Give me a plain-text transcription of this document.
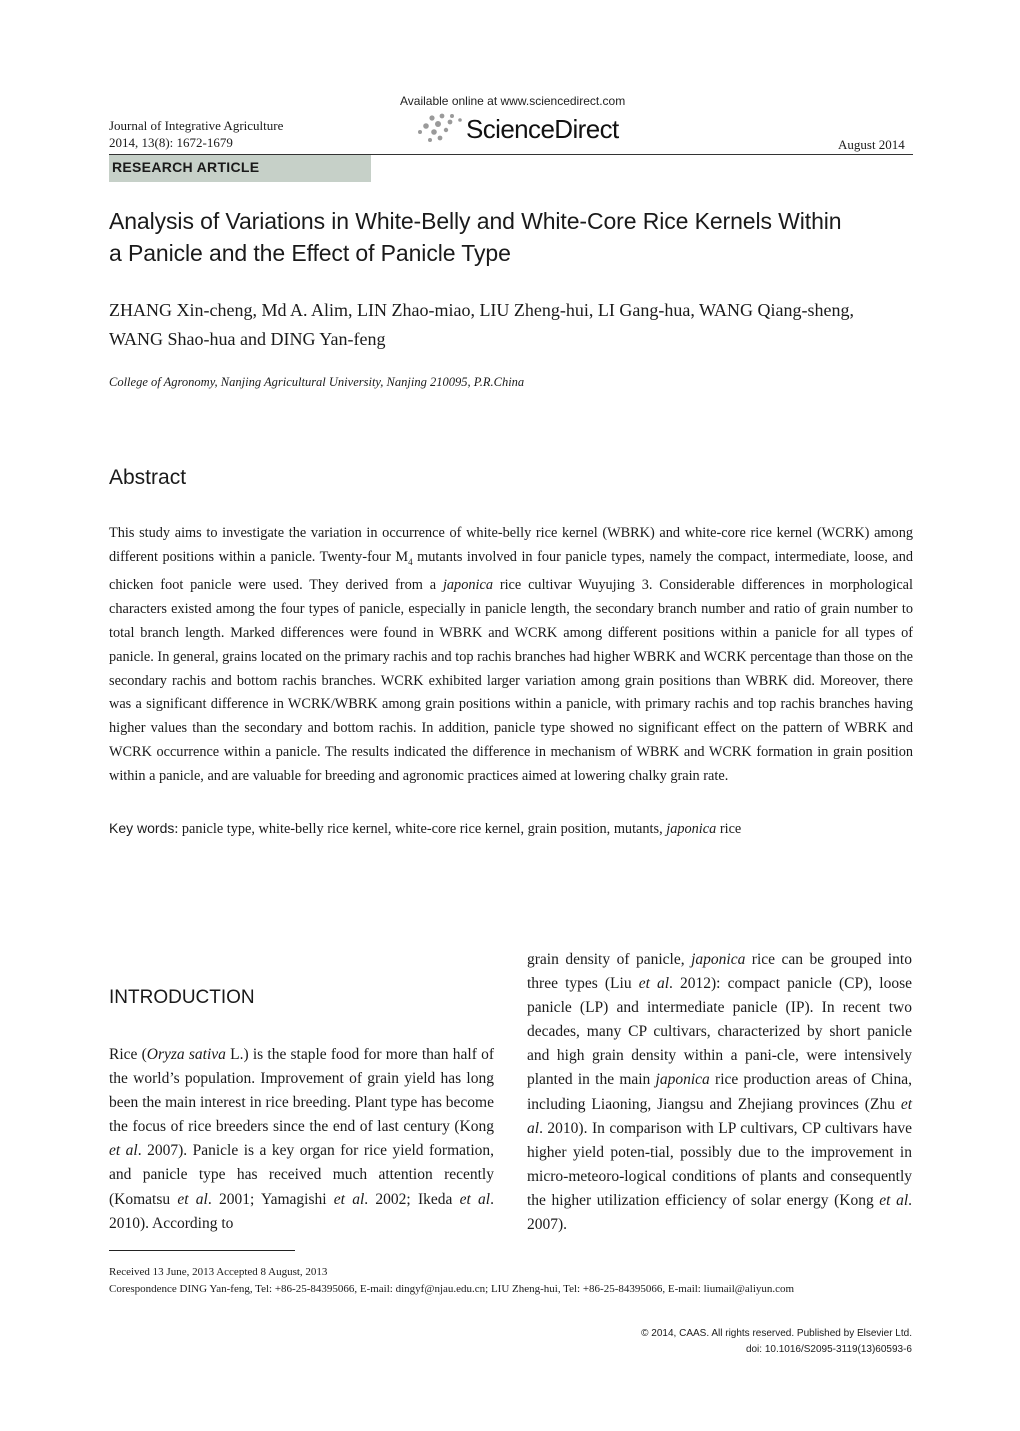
Available online at www.sciencedirect.com
ScienceDirect
Journal of Integrative Agriculture
2014, 13(8): 1672-1679	August 2014
RESEARCH ARTICLE
Analysis of Variations in White-Belly and White-Core Rice Kernels Within
a Panicle and the Effect of Panicle Type
ZHANG Xin-cheng, Md A. Alim, LIN Zhao-miao, LIU Zheng-hui, LI Gang-hua, WANG Qiang-sheng,
WANG Shao-hua and DING Yan-feng
College of Agronomy, Nanjing Agricultural University, Nanjing 210095, P.R.China
Abstract

This study aims to investigate the variation in occurrence of white-belly rice kernel (WBRK) and white-core rice kernel (WCRK) among different positions within a panicle. Twenty-four $M_4$ mutants involved in four panicle types, namely the compact, intermediate, loose, and chicken foot panicle were used. They derived from a japonica rice cultivar Wuyujing 3. Considerable differences in morphological characters existed among the four types of panicle, especially in panicle length, the secondary branch number and ratio of grain number to total branch length. Marked differences were found in WBRK and WCRK among different positions within a panicle for all types of panicle. In general, grains located on the primary rachis and top rachis branches had higher WBRK and WCRK percentage than those on the secondary rachis and bottom rachis branches. WCRK exhibited larger variation among grain positions than WBRK did. Moreover, there was a significant difference in WCRK/WBRK among grain positions within a panicle, with primary rachis and top rachis branches having higher values than the secondary and bottom rachis. In addition, panicle type showed no significant effect on the pattern of WBRK and WCRK occurrence within a panicle. The results indicated the difference in mechanism of WBRK and WCRK formation in grain position within a panicle, and are valuable for breeding and agronomic practices aimed at lowering chalky grain rate.

Key words: panicle type, white-belly rice kernel, white-core rice kernel, grain position, mutants, japonica rice
INTRODUCTION

Rice (Oryza sativa L.) is the staple food for more than half of the world’s population. Improvement of grain yield has long been the main interest in rice breeding. Plant type has become the focus of rice breeders since the end of last century (Kong et al. 2007). Panicle is a key organ for rice yield formation, and panicle type has received much attention recently (Komatsu et al. 2001; Yamagishi et al. 2002; Ikeda et al. 2010). According to

grain density of panicle, japonica rice can be grouped into three types (Liu et al. 2012): compact panicle (CP), loose panicle (LP) and intermediate panicle (IP). In recent two decades, many CP cultivars, characterized by short panicle and high grain density within a pani-cle, were intensively planted in the main japonica rice production areas of China, including Liaoning, Jiangsu and Zhejiang provinces (Zhu et al. 2010). In comparison with LP cultivars, CP cultivars have higher yield poten-tial, possibly due to the improvement in micro-meteoro-logical conditions of plants and consequently the higher utilization efficiency of solar energy (Kong et al. 2007).

Received 13 June, 2013 Accepted 8 August, 2013
Corespondence DING Yan-feng, Tel: +86-25-84395066, E-mail: dingyf@njau.edu.cn; LIU Zheng-hui, Tel: +86-25-84395066, E-mail: liumail@aliyun.com
© 2014, CAAS. All rights reserved. Published by Elsevier Ltd.
doi: 10.1016/S2095-3119(13)60593-6
